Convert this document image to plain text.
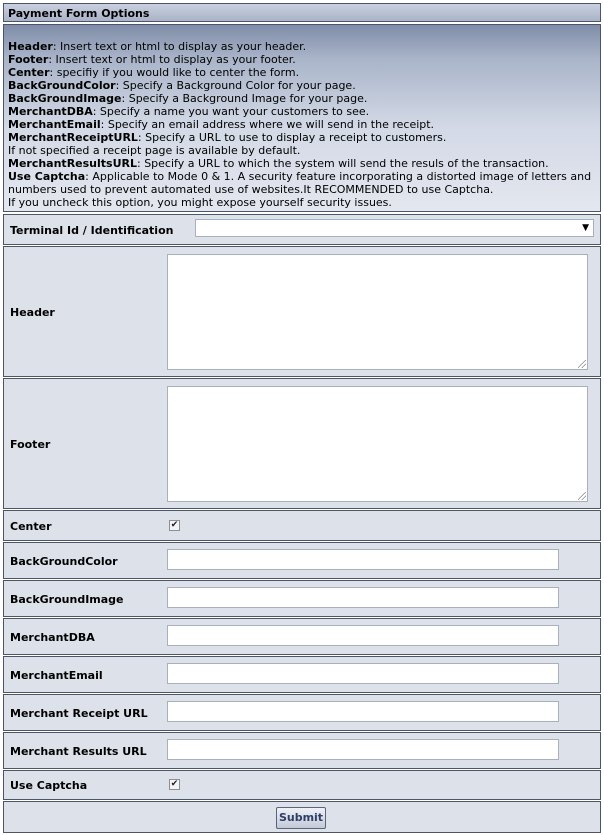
Payment Form Options
Header: Insert text or html to display as your header.
Footer: Insert text or html to display as your footer.
Center: specifiy if you would like to center the form.
BackGroundColor: Specify a Background Color for your page.
BackGroundImage: Specify a Background Image for your page.
MerchantDBA: Specify a name you want your customers to see.
MerchantEmail: Specify an email address where we will send in the receipt.
MerchantReceiptURL: Specify a URL to use to display a receipt to customers.
If not specified a receipt page is available by default.
MerchantResultsURL: Specify a URL to which the system will send the resuls of the transaction.
Use Captcha: Applicable to Mode 0 & 1. A security feature incorporating a distorted image of letters and numbers used to prevent automated use of websites.It RECOMMENDED to use Captcha.
If you uncheck this option, you might expose yourself security issues.
Terminal Id / Identification	▼
Header
Footer
Center	✔
BackGroundColor
BackGroundImage
MerchantDBA
MerchantEmail
Merchant Receipt URL
Merchant Results URL
Use Captcha	✔
Submit
